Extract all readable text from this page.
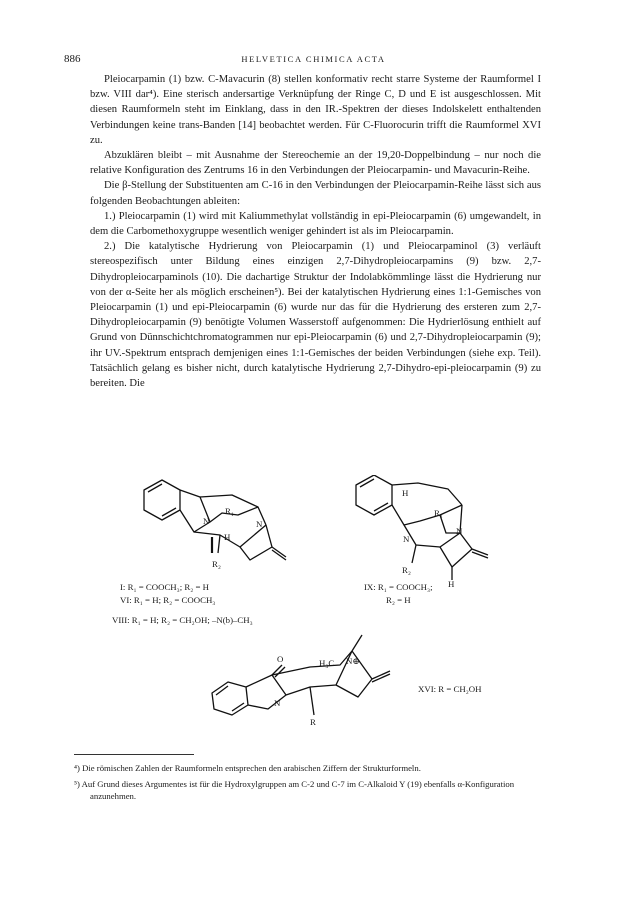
886	HELVETICA CHIMICA ACTA

Pleiocarpamin (1) bzw. C-Mavacurin (8) stellen konformativ recht starre Systeme der Raumformel I bzw. VIII dar⁴). Eine sterisch andersartige Verknüpfung der Ringe C, D und E ist ausgeschlossen. Mit diesen Raumformeln steht im Einklang, dass in den IR.-Spektren der dieses Indolskelett enthaltenden Verbindungen keine trans-Banden [14] beobachtet werden. Für C-Fluorocurin trifft die Raumformel XVI zu.

Abzuklären bleibt – mit Ausnahme der Stereochemie an der 19,20-Doppelbindung – nur noch die relative Konfiguration des Zentrums 16 in den Verbindungen der Pleiocarpamin- und Mavacurin-Reihe.

Die β-Stellung der Substituenten am C-16 in den Verbindungen der Pleiocarpamin-Reihe lässt sich aus folgenden Beobachtungen ableiten:

1.) Pleiocarpamin (1) wird mit Kaliummethylat vollständig in epi-Pleiocarpamin (6) umgewandelt, in dem die Carbomethoxygruppe wesentlich weniger gehindert ist als im Pleiocarpamin.

2.) Die katalytische Hydrierung von Pleiocarpamin (1) und Pleiocarpaminol (3) verläuft stereospezifisch unter Bildung eines einzigen 2,7-Dihydropleiocarpamins (9) bzw. 2,7-Dihydropleiocarpaminols (10). Die dachartige Struktur der Indolabkömmlinge lässt die Hydrierung nur von der α-Seite her als möglich erscheinen⁵). Bei der katalytischen Hydrierung eines 1:1-Gemisches von Pleiocarpamin (1) und epi-Pleiocarpamin (6) wurde nur das für die Hydrierung des ersteren zum 2,7-Dihydropleiocarpamin (9) benötigte Volumen Wasserstoff aufgenommen: Die Hydrierlösung enthielt auf Grund von Dünnschichtchromatogrammen nur epi-Pleiocarpamin (6) und 2,7-Dihydropleiocarpamin (9); ihr UV.-Spektrum entsprach demjenigen eines 1:1-Gemisches der beiden Verbindungen (siehe exp. Teil). Tatsächlich gelang es bisher nicht, durch katalytische Hydrierung 2,7-Dihydro-epi-pleiocarpamin (9) zu bereiten. Die

N
R₁
N
R₂
H
H
R₁
N
N
R₂
H
O	H₃C N⊕
N
R
I: R₁ = COOCH₃; R₂ = H
VI: R₁ = H; R₂ = COOCH₃
VIII: R₁ = H; R₂ = CH₂OH; –N(b)–CH₃
IX: R₁ = COOCH₃;
R₂ = H
XVI: R = CH₂OH

⁴) Die römischen Zahlen der Raumformeln entsprechen den arabischen Ziffern der Strukturformeln.

⁵) Auf Grund dieses Argumentes ist für die Hydroxylgruppen am C-2 und C-7 im C-Alkaloid Y (19) ebenfalls α-Konfiguration anzunehmen.
